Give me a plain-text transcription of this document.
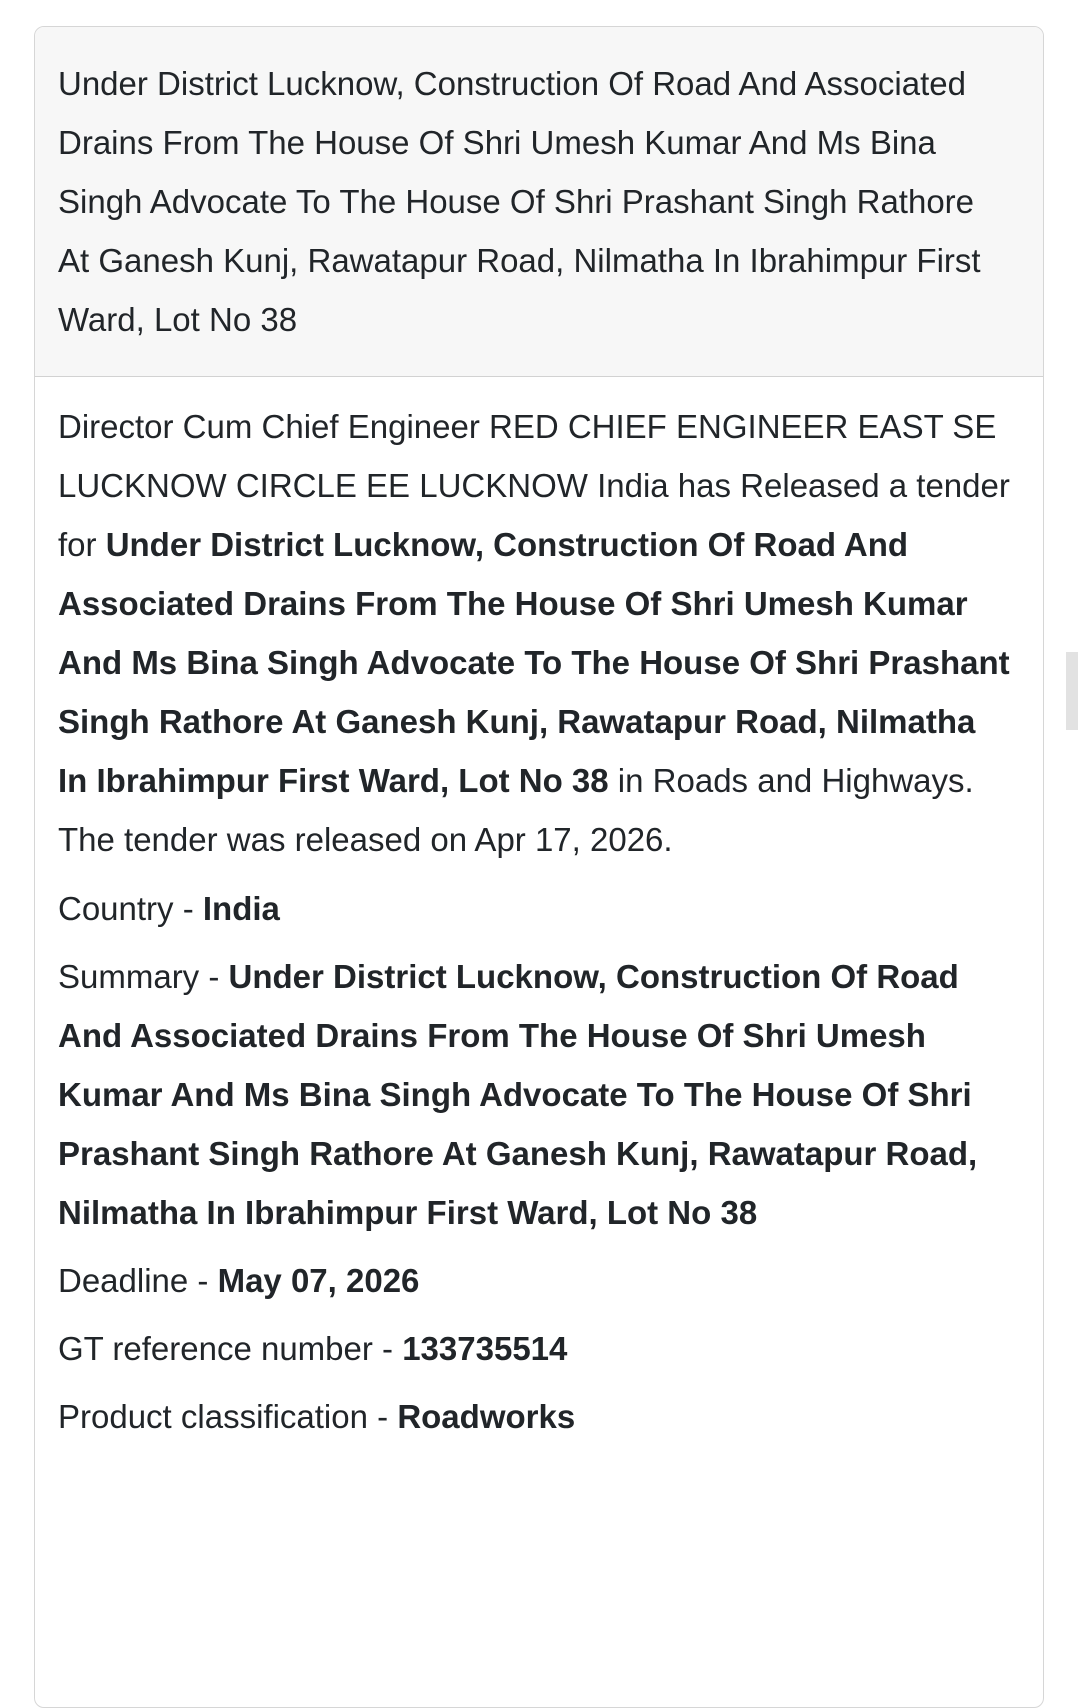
Under District Lucknow, Construction Of Road And Associated Drains From The House Of Shri Umesh Kumar And Ms Bina Singh Advocate To The House Of Shri Prashant Singh Rathore At Ganesh Kunj, Rawatapur Road, Nilmatha In Ibrahimpur First Ward, Lot No 38

Director Cum Chief Engineer RED CHIEF ENGINEER EAST SE LUCKNOW CIRCLE EE LUCKNOW India has Released a tender for Under District Lucknow, Construction Of Road And Associated Drains From The House Of Shri Umesh Kumar And Ms Bina Singh Advocate To The House Of Shri Prashant Singh Rathore At Ganesh Kunj, Rawatapur Road, Nilmatha In Ibrahimpur First Ward, Lot No 38 in Roads and Highways. The tender was released on Apr 17, 2026.

Country - India

Summary - Under District Lucknow, Construction Of Road And Associated Drains From The House Of Shri Umesh Kumar And Ms Bina Singh Advocate To The House Of Shri Prashant Singh Rathore At Ganesh Kunj, Rawatapur Road, Nilmatha In Ibrahimpur First Ward, Lot No 38

Deadline - May 07, 2026

GT reference number - 133735514

Product classification - Roadworks
